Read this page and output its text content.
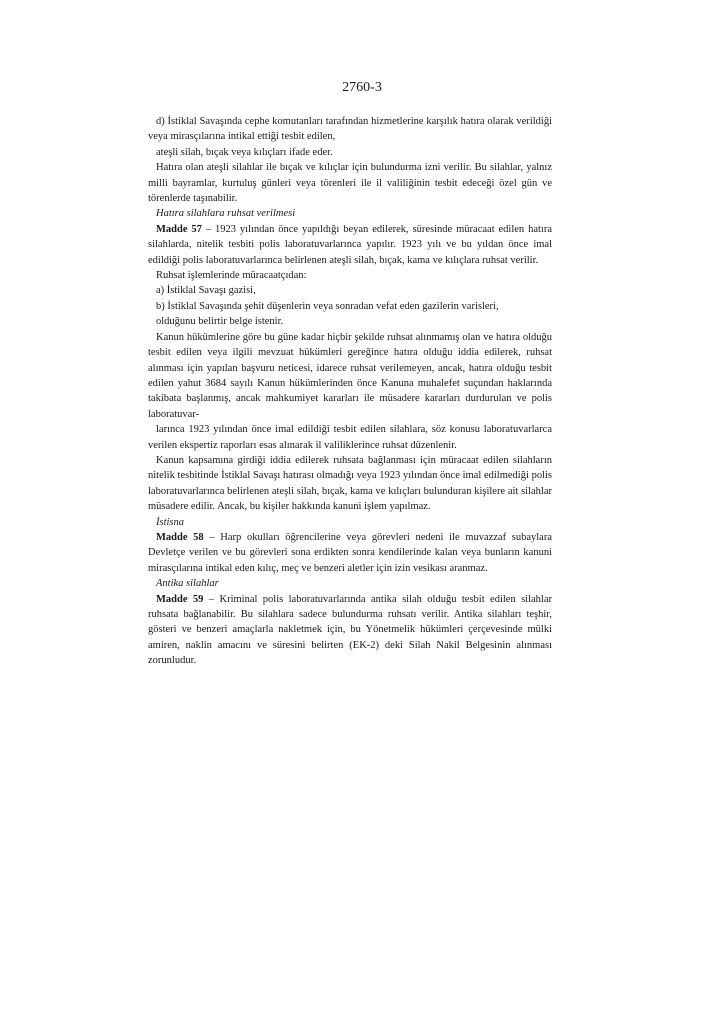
2760-3

d) İstiklal Savaşında cephe komutanları tarafından hizmetlerine karşılık hatıra olarak verildiği veya mirasçılarına intikal ettiği tesbit edilen,

ateşli silah, bıçak veya kılıçları ifade eder.

Hatıra olan ateşli silahlar ile bıçak ve kılıçlar için bulundurma izni verilir. Bu silahlar, yalnız milli bayramlar, kurtuluş günleri veya törenleri ile il valiliğinin tesbit edeceği özel gün ve törenlerde taşınabilir.

Hatıra silahlara ruhsat verilmesi

Madde 57 – 1923 yılından önce yapıldığı beyan edilerek, süresinde müracaat edilen hatıra silahlarda, nitelik tesbiti polis laboratuvarlarınca yapılır. 1923 yılı ve bu yıldan önce imal edildiği polis laboratuvarlarınca belirlenen ateşli silah, bıçak, kama ve kılıçlara ruhsat verilir.

Ruhsat işlemlerinde müracaatçıdan:

a) İstiklal Savaşı gazisi,

b) İstiklal Savaşında şehit düşenlerin veya sonradan vefat eden gazilerin varisleri,

olduğunu belirtir belge istenir.

Kanun hükümlerine göre bu güne kadar hiçbir şekilde ruhsat alınmamış olan ve hatıra olduğu tesbit edilen veya ilgili mevzuat hükümleri gereğince hatıra olduğu iddia edilerek, ruhsat alınması için yapılan başvuru neticesi, idarece ruhsat verilemeyen, ancak, hatıra olduğu tesbit edilen yahut 3684 sayılı Kanun hükümlerinden önce Kanuna muhalefet suçundan haklarında takibata başlanmış, ancak mahkumiyet kararları ile müsadere kararları durdurulan ve polis laboratuvar-

larınca 1923 yılından önce imal edildiği tesbit edilen silahlara, söz konusu laboratuvarlarca verilen ekspertiz raporları esas alınarak il valiliklerince ruhsat düzenlenir.

Kanun kapsamına girdiği iddia edilerek ruhsata bağlanması için müracaat edilen silahların nitelik tesbitinde İstiklal Savaşı hatırası olmadığı veya 1923 yılından önce imal edilmediği polis laboratuvarlarınca belirlenen ateşli silah, bıçak, kama ve kılıçları bulunduran kişilere ait silahlar müsadere edilir. Ancak, bu kişiler hakkında kanuni işlem yapılmaz.

İstisna

Madde 58 – Harp okulları öğrencilerine veya görevleri nedeni ile muvazzaf subaylara Devletçe verilen ve bu görevleri sona erdikten sonra kendilerinde kalan veya bunların kanuni mirasçılarına intikal eden kılıç, meç ve benzeri aletler için izin vesikası aranmaz.

Antika silahlar

Madde 59 – Kriminal polis laboratuvarlarında antika silah olduğu tesbit edilen silahlar ruhsata bağlanabilir. Bu silahlara sadece bulundurma ruhsatı verilir. Antika silahları teşhir, gösteri ve benzeri amaçlarla nakletmek için, bu Yönetmelik hükümleri çerçevesinde mülki amiren, naklin amacını ve süresini belirten (EK-2) deki Silah Nakil Belgesinin alınması zorunludur.
